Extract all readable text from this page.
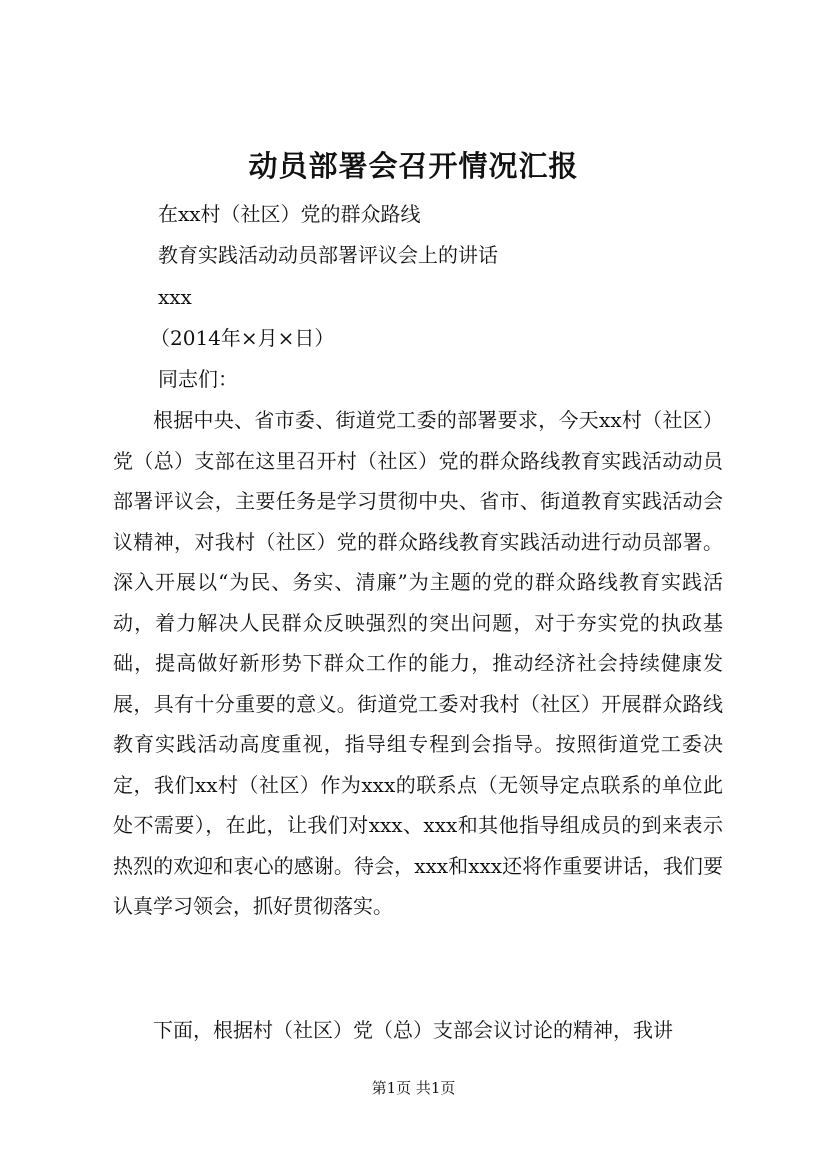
动员部署会召开情况汇报

在xx村（社区）党的群众路线

教育实践活动动员部署评议会上的讲话

xxx

（2014年×月×日）

同志们：

根据中央、省市委、街道党工委的部署要求，今天xx村（社区）党（总）支部在这里召开村（社区）党的群众路线教育实践活动动员部署评议会，主要任务是学习贯彻中央、省市、街道教育实践活动会议精神，对我村（社区）党的群众路线教育实践活动进行动员部署。深入开展以“为民、务实、清廉”为主题的党的群众路线教育实践活动，着力解决人民群众反映强烈的突出问题，对于夯实党的执政基础，提高做好新形势下群众工作的能力，推动经济社会持续健康发展，具有十分重要的意义。街道党工委对我村（社区）开展群众路线教育实践活动高度重视，指导组专程到会指导。按照街道党工委决定，我们xx村（社区）作为xxx的联系点（无领导定点联系的单位此处不需要），在此，让我们对xxx、xxx和其他指导组成员的到来表示热烈的欢迎和衷心的感谢。待会，xxx和xxx还将作重要讲话，我们要认真学习领会，抓好贯彻落实。

下面，根据村（社区）党（总）支部会议讨论的精神，我讲

第1页 共1页
